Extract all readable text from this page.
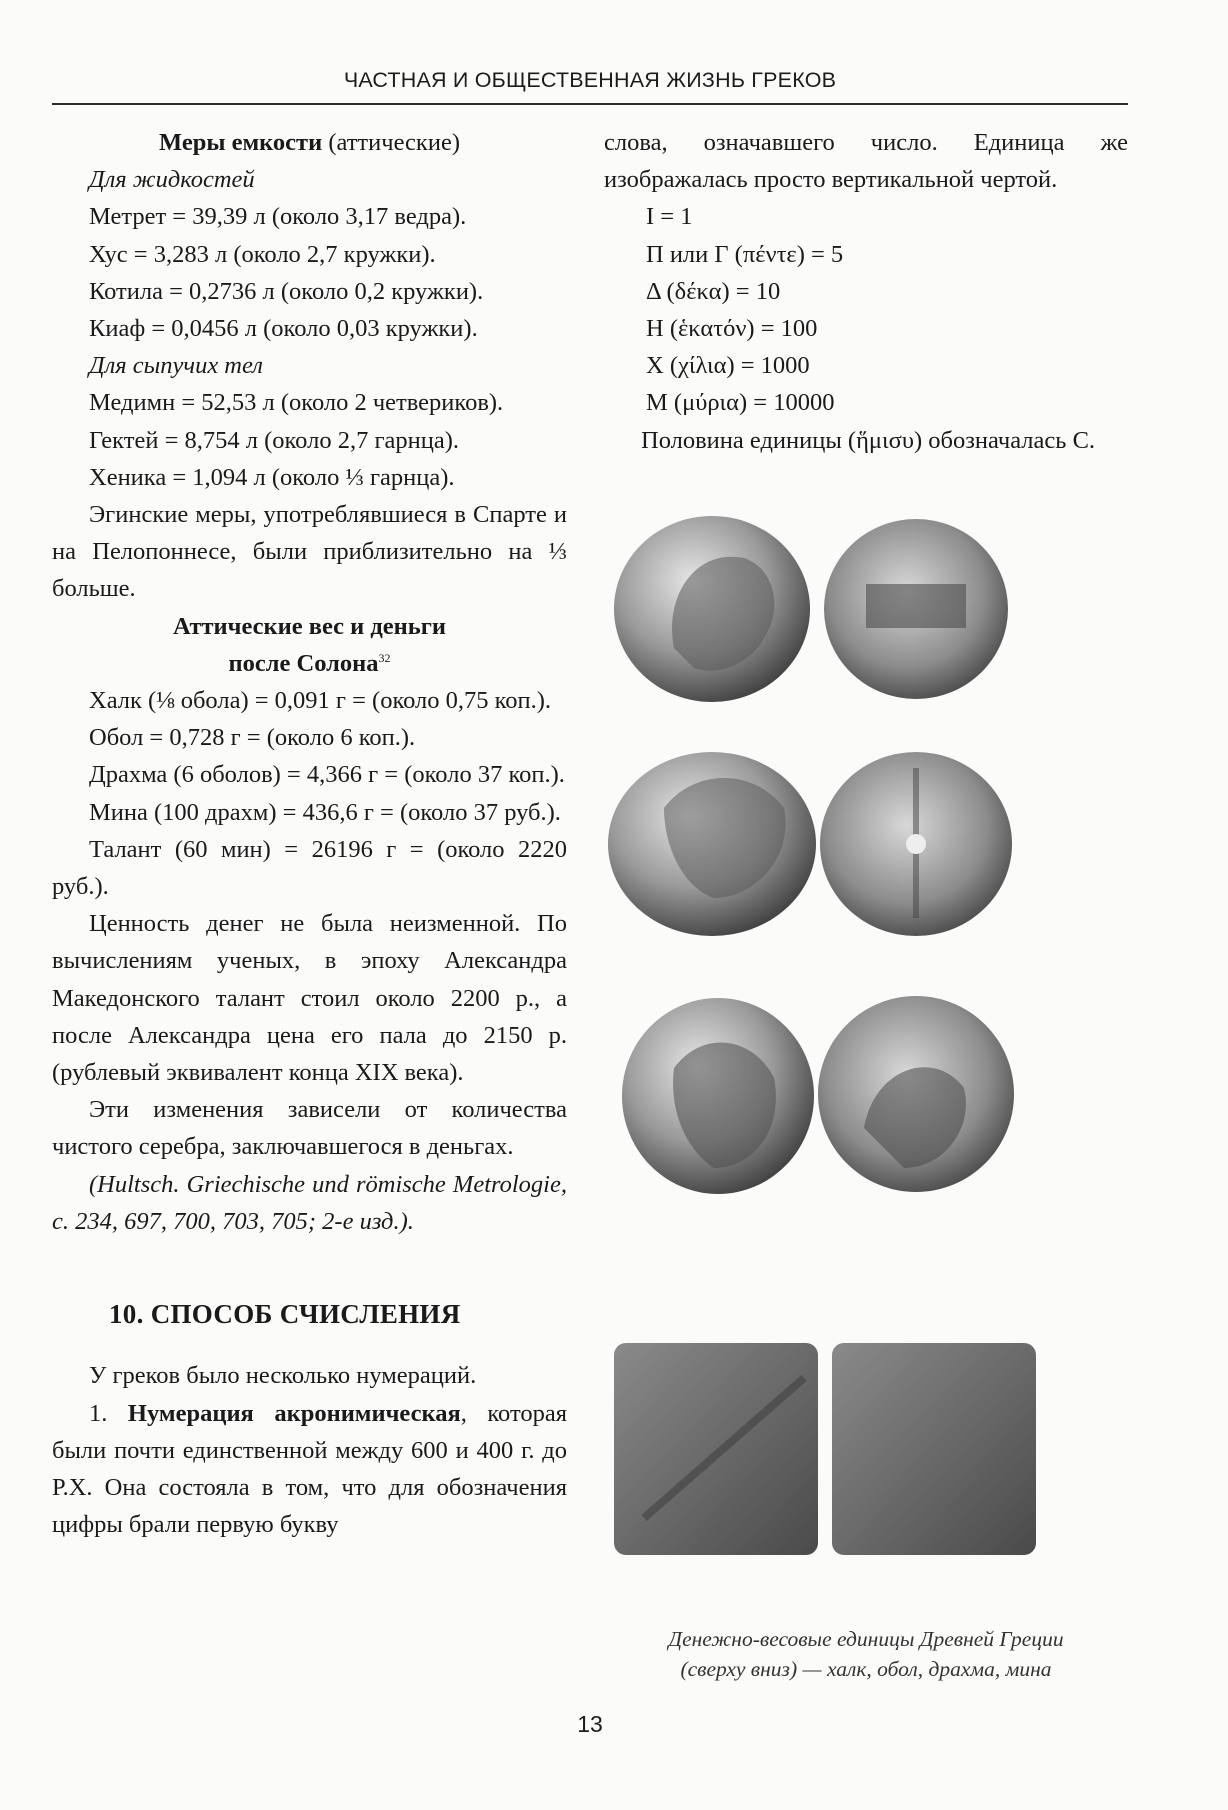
ЧАСТНАЯ И ОБЩЕСТВЕННАЯ ЖИЗНЬ ГРЕКОВ

Меры емкости (аттические)

Для жидкостей

Метрет = 39,39 л (около 3,17 ведра).

Хус = 3,283 л (около 2,7 кружки).

Котила = 0,2736 л (около 0,2 кружки).

Киаф = 0,0456 л (около 0,03 кружки).

Для сыпучих тел

Медимн = 52,53 л (около 2 четвериков).

Гектей = 8,754 л (около 2,7 гарнца).

Хеника = 1,094 л (около ⅓ гарнца).

Эгинские меры, употреблявшиеся в Спарте и на Пелопоннесе, были приблизительно на ⅓ больше.

Аттические вес и деньги

после Солона$^{32}$

Халк (⅛ обола) = 0,091 г = (около 0,75 коп.).

Обол = 0,728 г = (около 6 коп.).

Драхма (6 оболов) = 4,366 г = (около 37 коп.).

Мина (100 драхм) = 436,6 г = (около 37 руб.).

Талант (60 мин) = 26196 г = (около 2220 руб.).

Ценность денег не была неизменной. По вычислениям ученых, в эпоху Александра Македонского талант стоил около 2200 р., а после Александра цена его пала до 2150 р. (рублевый эквивалент конца XIX века).

Эти изменения зависели от количества чистого серебра, заключавшегося в деньгах.

(Hultsch. Griechische und römische Metrologie, c. 234, 697, 700, 703, 705; 2-е изд.).

10. СПОСОБ СЧИСЛЕНИЯ

У греков было несколько нумераций.

1. Нумерация акронимическая, которая были почти единственной между 600 и 400 г. до Р.Х. Она состояла в том, что для обозначения цифры брали первую букву

слова, означавшего число. Единица же изображалась просто вертикальной чертой.

I = 1

П или Г (πέντε) = 5

Δ (δέκα) = 10

Н (ἑκατόν) = 100

Х (χίλια) = 1000

М (μύρια) = 10000

Половина единицы (ἥμισυ) обозначалась С.

Денежно-весовые единицы Древней Греции
(сверху вниз) — халк, обол, драхма, мина
13
